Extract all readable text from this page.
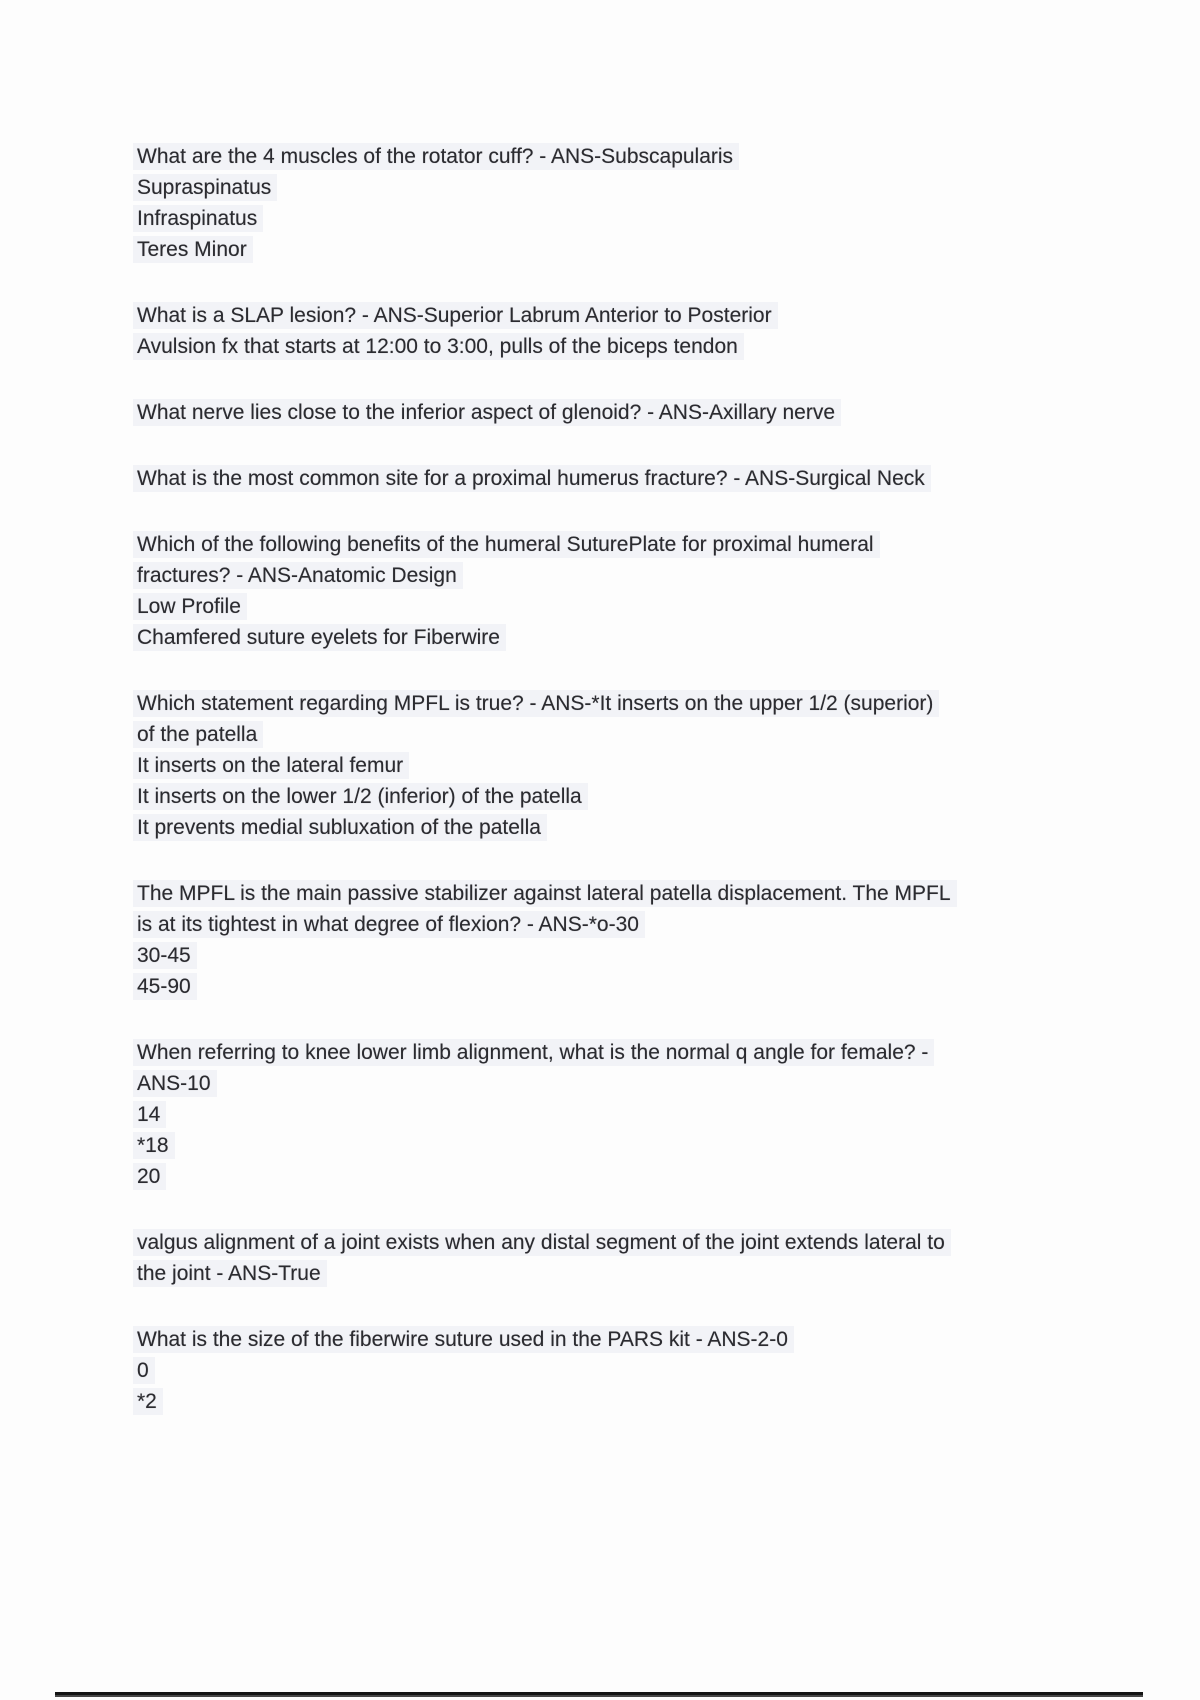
What are the 4 muscles of the rotator cuff? - ANS-Subscapularis
Supraspinatus
Infraspinatus
Teres Minor

What is a SLAP lesion? - ANS-Superior Labrum Anterior to Posterior
Avulsion fx that starts at 12:00 to 3:00, pulls of the biceps tendon

What nerve lies close to the inferior aspect of glenoid? - ANS-Axillary nerve

What is the most common site for a proximal humerus fracture? - ANS-Surgical Neck

Which of the following benefits of the humeral SuturePlate for proximal humeral
fractures? - ANS-Anatomic Design
Low Profile
Chamfered suture eyelets for Fiberwire

Which statement regarding MPFL is true? - ANS-*It inserts on the upper 1/2 (superior)
of the patella
It inserts on the lateral femur
It inserts on the lower 1/2 (inferior) of the patella
It prevents medial subluxation of the patella

The MPFL is the main passive stabilizer against lateral patella displacement. The MPFL
is at its tightest in what degree of flexion? - ANS-*o-30
30-45
45-90

When referring to knee lower limb alignment, what is the normal q angle for female? -
ANS-10
14
*18
20

valgus alignment of a joint exists when any distal segment of the joint extends lateral to
the joint - ANS-True

What is the size of the fiberwire suture used in the PARS kit - ANS-2-0
0
*2
